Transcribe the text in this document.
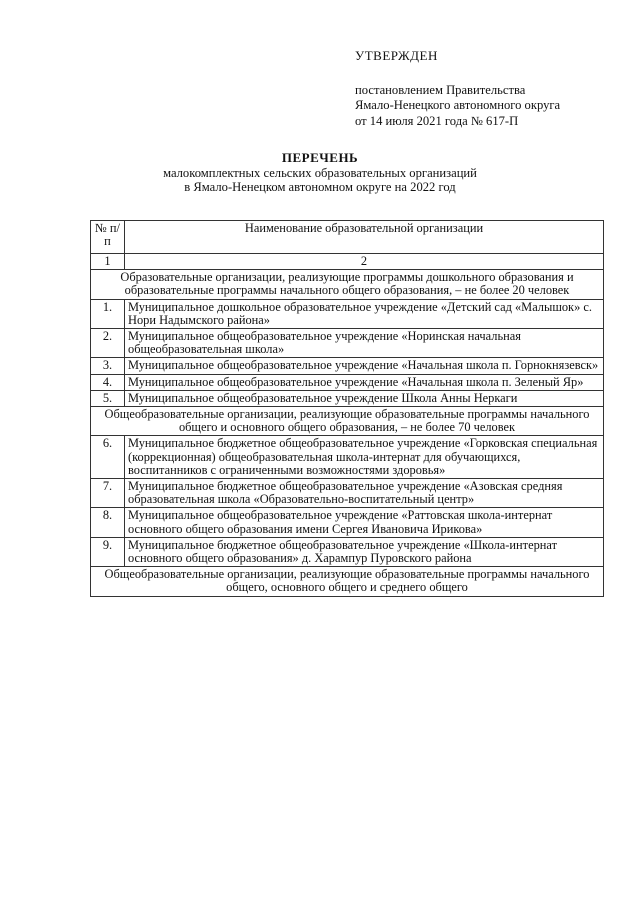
УТВЕРЖДЕН
постановлением Правительства
Ямало-Ненецкого автономного округа
от 14 июля 2021 года № 617-П
ПЕРЕЧЕНЬ
малокомплектных сельских образовательных организаций
в Ямало-Ненецком автономном округе на 2022 год
№ п/п	Наименование образовательной организации
1	2
Образовательные организации, реализующие программы дошкольного образования и образовательные программы начального общего образования, – не более 20 человек	
1.	Муниципальное дошкольное образовательное учреждение «Детский сад «Малышок» с. Нори Надымского района»
2.	Муниципальное общеобразовательное учреждение «Норинская начальная общеобразовательная школа»
3.	Муниципальное общеобразовательное учреждение «Начальная школа п. Горнокнязевск»
4.	Муниципальное общеобразовательное учреждение «Начальная школа п. Зеленый Яр»
5.	Муниципальное общеобразовательное учреждение Школа Анны Неркаги
Общеобразовательные организации, реализующие образовательные программы начального общего и основного общего образования, – не более 70 человек	
6.	Муниципальное бюджетное общеобразовательное учреждение «Горковская специальная (коррекционная) общеобразовательная школа-интернат для обучающихся, воспитанников с ограниченными возможностями здоровья»
7.	Муниципальное бюджетное общеобразовательное учреждение «Азовская средняя образовательная школа «Образовательно-воспитательный центр»
8.	Муниципальное общеобразовательное учреждение «Раттовская школа-интернат основного общего образования имени Сергея Ивановича Ирикова»
9.	Муниципальное бюджетное общеобразовательное учреждение «Школа-интернат основного общего образования» д. Харампур Пуровского района
Общеобразовательные организации, реализующие образовательные программы начального общего, основного общего и среднего общего	
